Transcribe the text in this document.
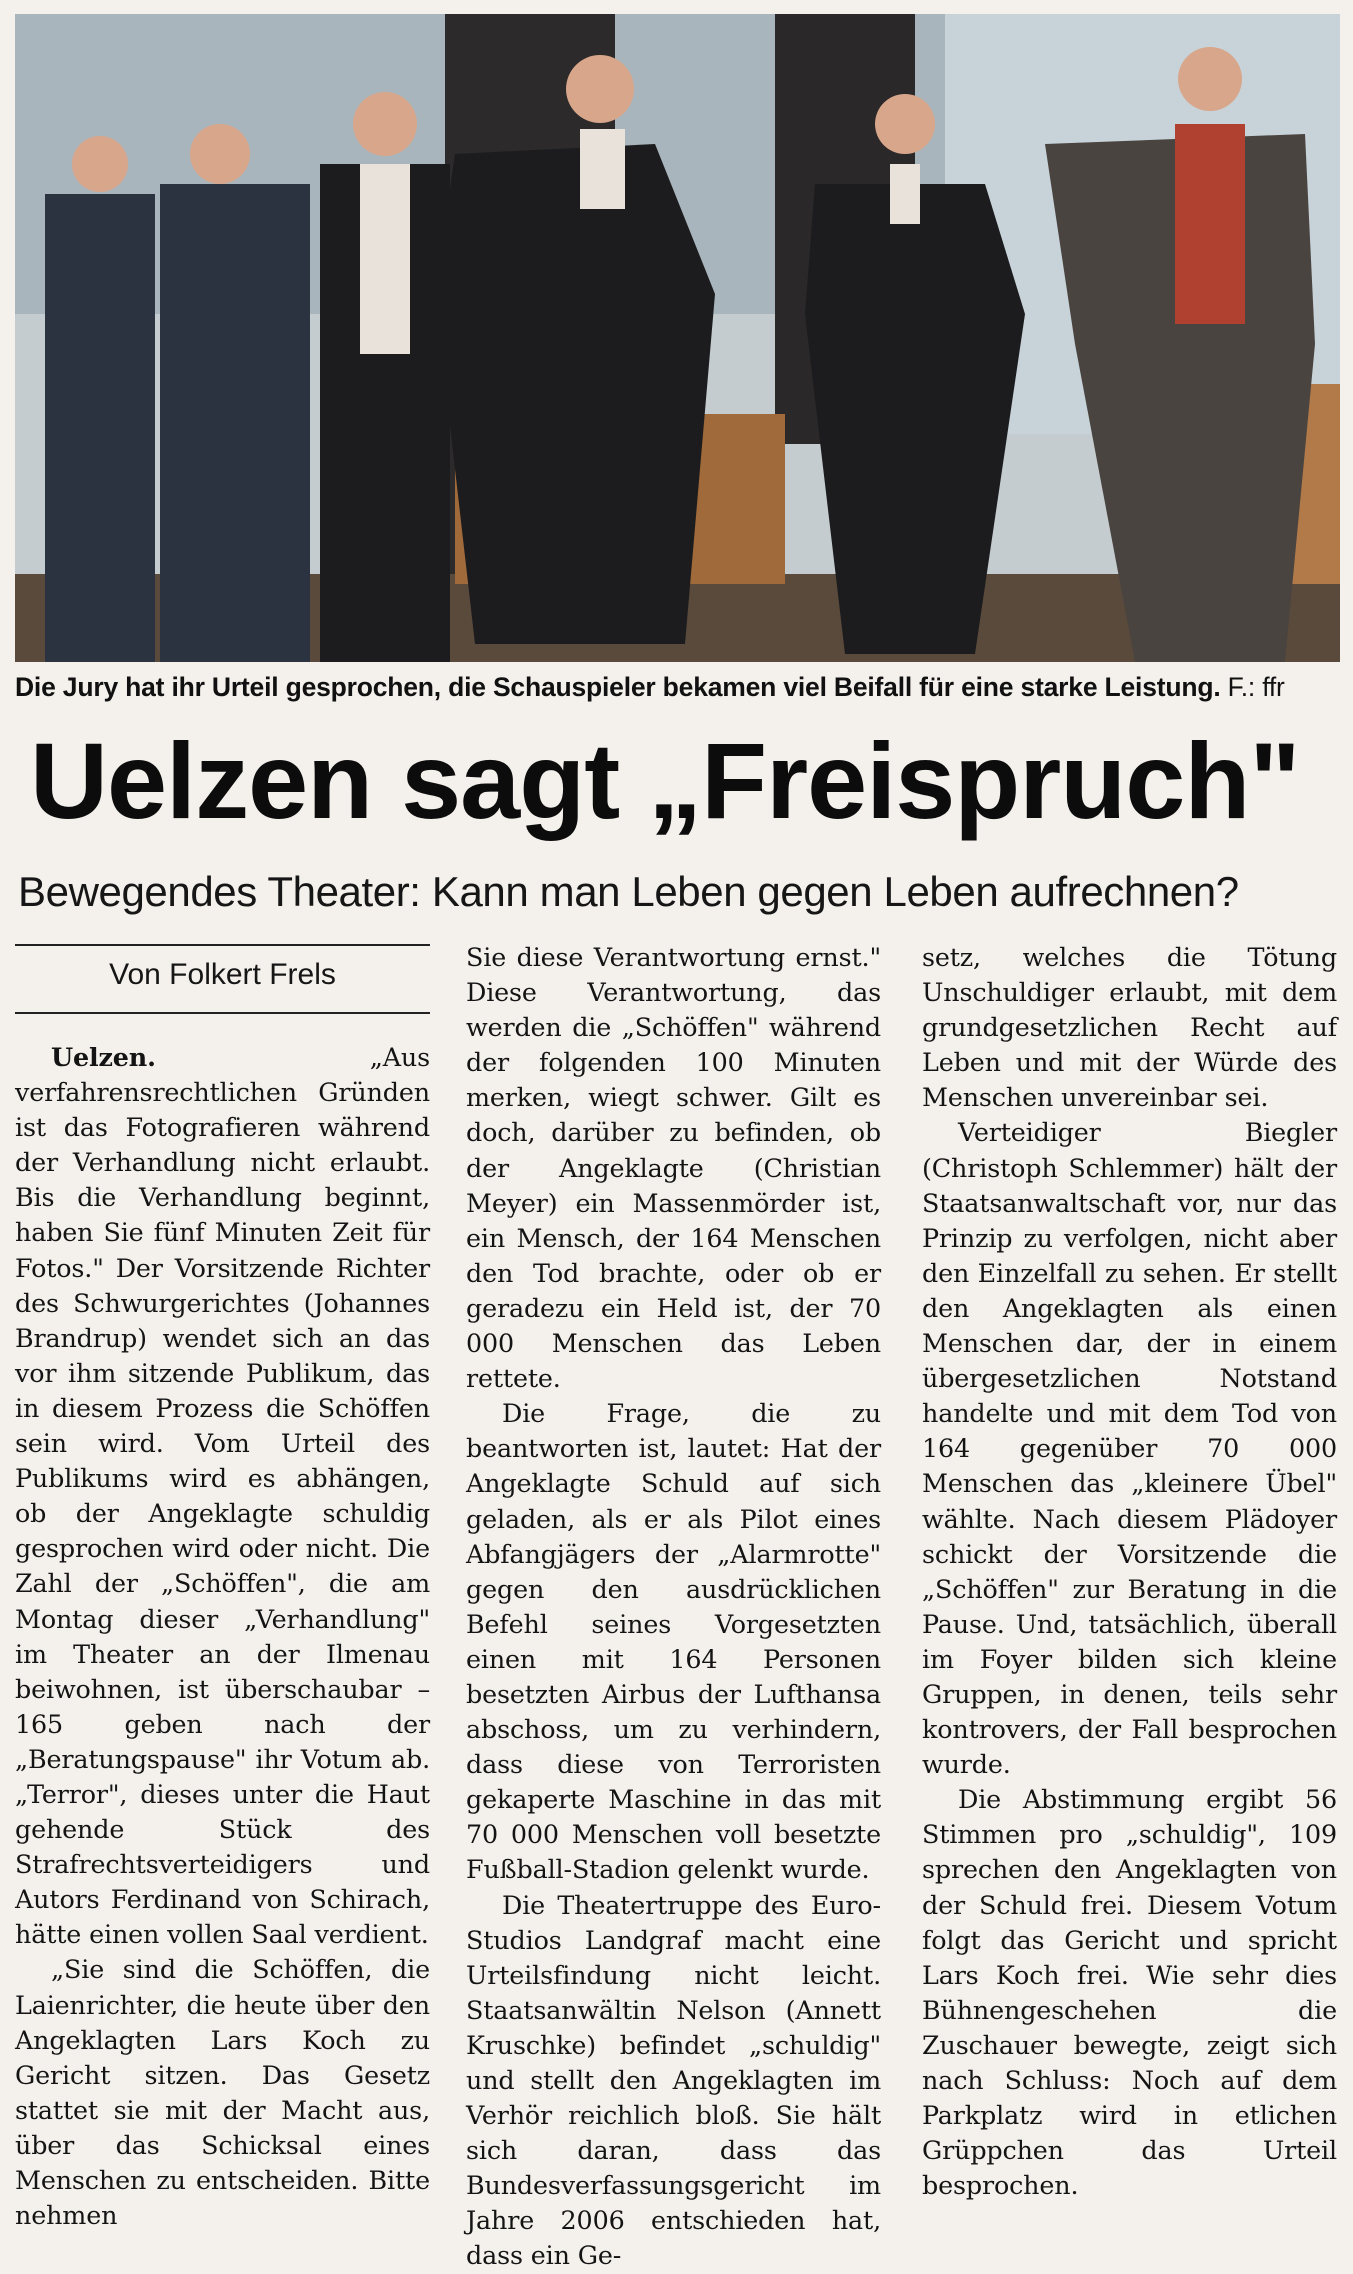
Die Jury hat ihr Urteil gesprochen, die Schauspieler bekamen viel Beifall für eine starke Leistung. F.: ffr
Uelzen sagt „Freispruch"
Bewegendes Theater: Kann man Leben gegen Leben aufrechnen?
Von Folkert Frels

Uelzen.	„Aus verfahrensrechtlichen Gründen ist das Fotografieren während der Verhandlung nicht erlaubt. Bis die Verhandlung beginnt, haben Sie fünf Minuten Zeit für Fotos." Der Vorsitzende Richter des Schwurgerichtes (Johannes Brandrup) wendet sich an das vor ihm sitzende Publikum, das in diesem Prozess die Schöffen sein wird. Vom Urteil des Publikums wird es abhängen, ob der Angeklagte schuldig gesprochen wird oder nicht. Die Zahl der „Schöffen", die am Montag dieser „Verhandlung" im Theater an der Ilmenau beiwohnen, ist überschaubar – 165 geben nach der „Beratungspause" ihr Votum ab. „Terror", dieses unter die Haut gehende Stück des Strafrechtsverteidigers und Autors Ferdinand von Schirach, hätte einen vollen Saal verdient.

„Sie sind die Schöffen, die Laienrichter, die heute über den Angeklagten Lars Koch zu Gericht sitzen. Das Gesetz stattet sie mit der Macht aus, über das Schicksal eines Menschen zu entscheiden. Bitte nehmen

Sie diese Verantwortung ernst." Diese Verantwortung, das werden die „Schöffen" während der folgenden 100 Minuten merken, wiegt schwer. Gilt es doch, darüber zu befinden, ob der Angeklagte (Christian Meyer) ein Massenmörder ist, ein Mensch, der 164 Menschen den Tod brachte, oder ob er geradezu ein Held ist, der 70 000 Menschen das Leben rettete.

Die Frage, die zu beantworten ist, lautet: Hat der Angeklagte Schuld auf sich geladen, als er als Pilot eines Abfangjägers der „Alarmrotte" gegen den ausdrücklichen Befehl seines Vorgesetzten einen mit 164 Personen besetzten Airbus der Lufthansa abschoss, um zu verhindern, dass diese von Terroristen gekaperte Maschine in das mit 70 000 Menschen voll besetzte Fußball-Stadion gelenkt wurde.

Die Theatertruppe des Euro-Studios Landgraf macht eine Urteilsfindung nicht leicht. Staatsanwältin Nelson (Annett Kruschke) befindet „schuldig" und stellt den Angeklagten im Verhör reichlich bloß. Sie hält sich daran, dass das Bundesverfassungsgericht im Jahre 2006 entschieden hat, dass ein Ge-

setz, welches die Tötung Unschuldiger erlaubt, mit dem grundgesetzlichen Recht auf Leben und mit der Würde des Menschen unvereinbar sei.

Verteidiger Biegler (Christoph Schlemmer) hält der Staatsanwaltschaft vor, nur das Prinzip zu verfolgen, nicht aber den Einzelfall zu sehen. Er stellt den Angeklagten als einen Menschen dar, der in einem übergesetzlichen Notstand handelte und mit dem Tod von 164 gegenüber 70 000 Menschen das „kleinere Übel" wählte. Nach diesem Plädoyer schickt der Vorsitzende die „Schöffen" zur Beratung in die Pause. Und, tatsächlich, überall im Foyer bilden sich kleine Gruppen, in denen, teils sehr kontrovers, der Fall besprochen wurde.

Die Abstimmung ergibt 56 Stimmen pro „schuldig", 109 sprechen den Angeklagten von der Schuld frei. Diesem Votum folgt das Gericht und spricht Lars Koch frei. Wie sehr dies Bühnengeschehen die Zuschauer bewegte, zeigt sich nach Schluss: Noch auf dem Parkplatz wird in etlichen Grüppchen das Urteil besprochen.
